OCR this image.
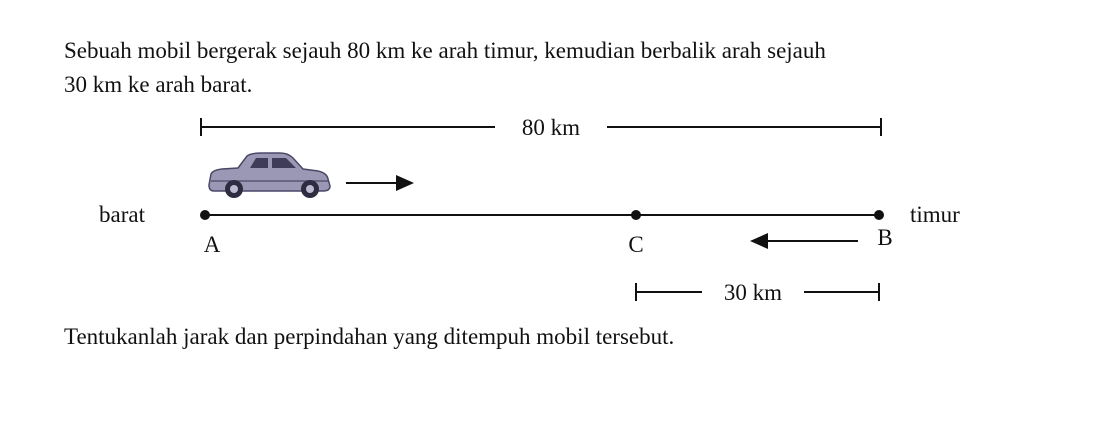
Sebuah mobil bergerak sejauh 80 km ke arah timur, kemudian berbalik arah sejauh
30 km ke arah barat.
80 km
barat	timur
A	C	B
30 km
Tentukanlah jarak dan perpindahan yang ditempuh mobil tersebut.
